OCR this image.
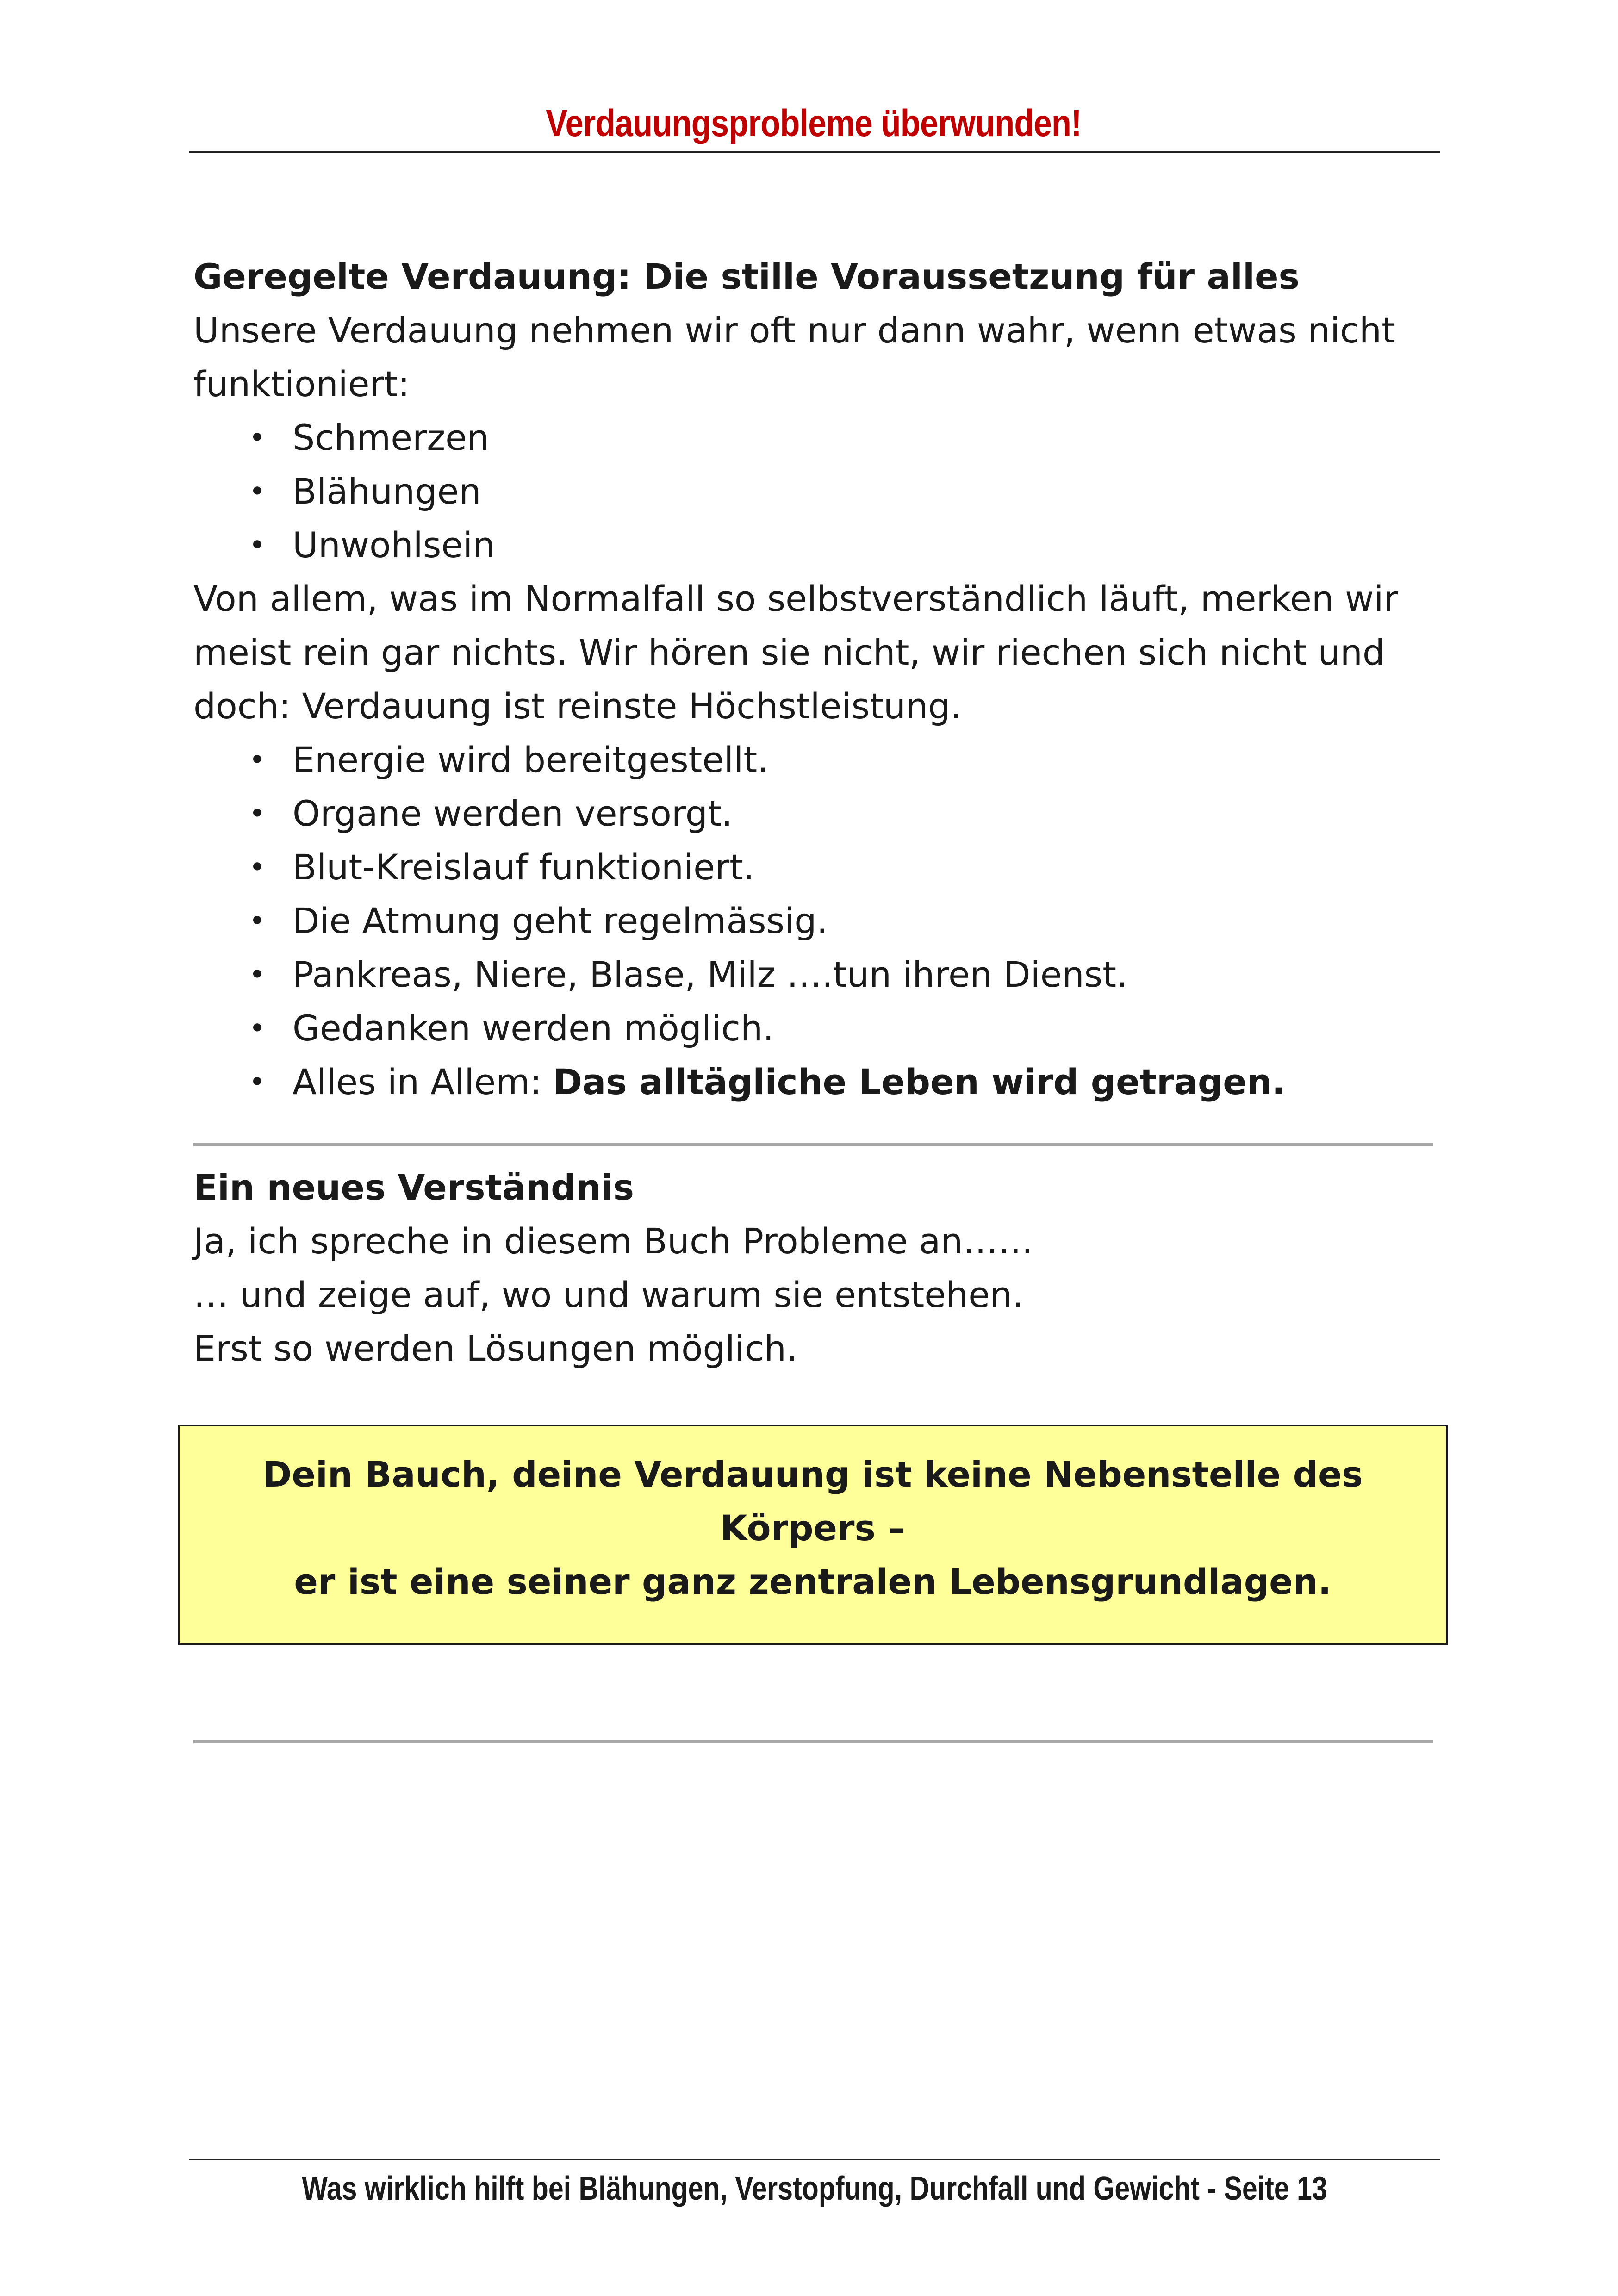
Verdauungsprobleme überwunden!

Geregelte Verdauung: Die stille Voraussetzung für alles

Unsere Verdauung nehmen wir oft nur dann wahr, wenn etwas nicht funktioniert:

• Schmerzen
• Blähungen
• Unwohlsein

Von allem, was im Normalfall so selbstverständlich läuft, merken wir meist rein gar nichts. Wir hören sie nicht, wir riechen sich nicht und doch: Verdauung ist reinste Höchstleistung.

• Energie wird bereitgestellt.
• Organe werden versorgt.
• Blut-Kreislauf funktioniert.
• Die Atmung geht regelmässig.
• Pankreas, Niere, Blase, Milz ….tun ihren Dienst.
• Gedanken werden möglich.
• Alles in Allem: Das alltägliche Leben wird getragen.

Ein neues Verständnis

Ja, ich spreche in diesem Buch Probleme an……

… und zeige auf, wo und warum sie entstehen.

Erst so werden Lösungen möglich.

Dein Bauch, deine Verdauung ist keine Nebenstelle des Körpers –
er ist eine seiner ganz zentralen Lebensgrundlagen.
Was wirklich hilft bei Blähungen, Verstopfung, Durchfall und Gewicht - Seite 13
